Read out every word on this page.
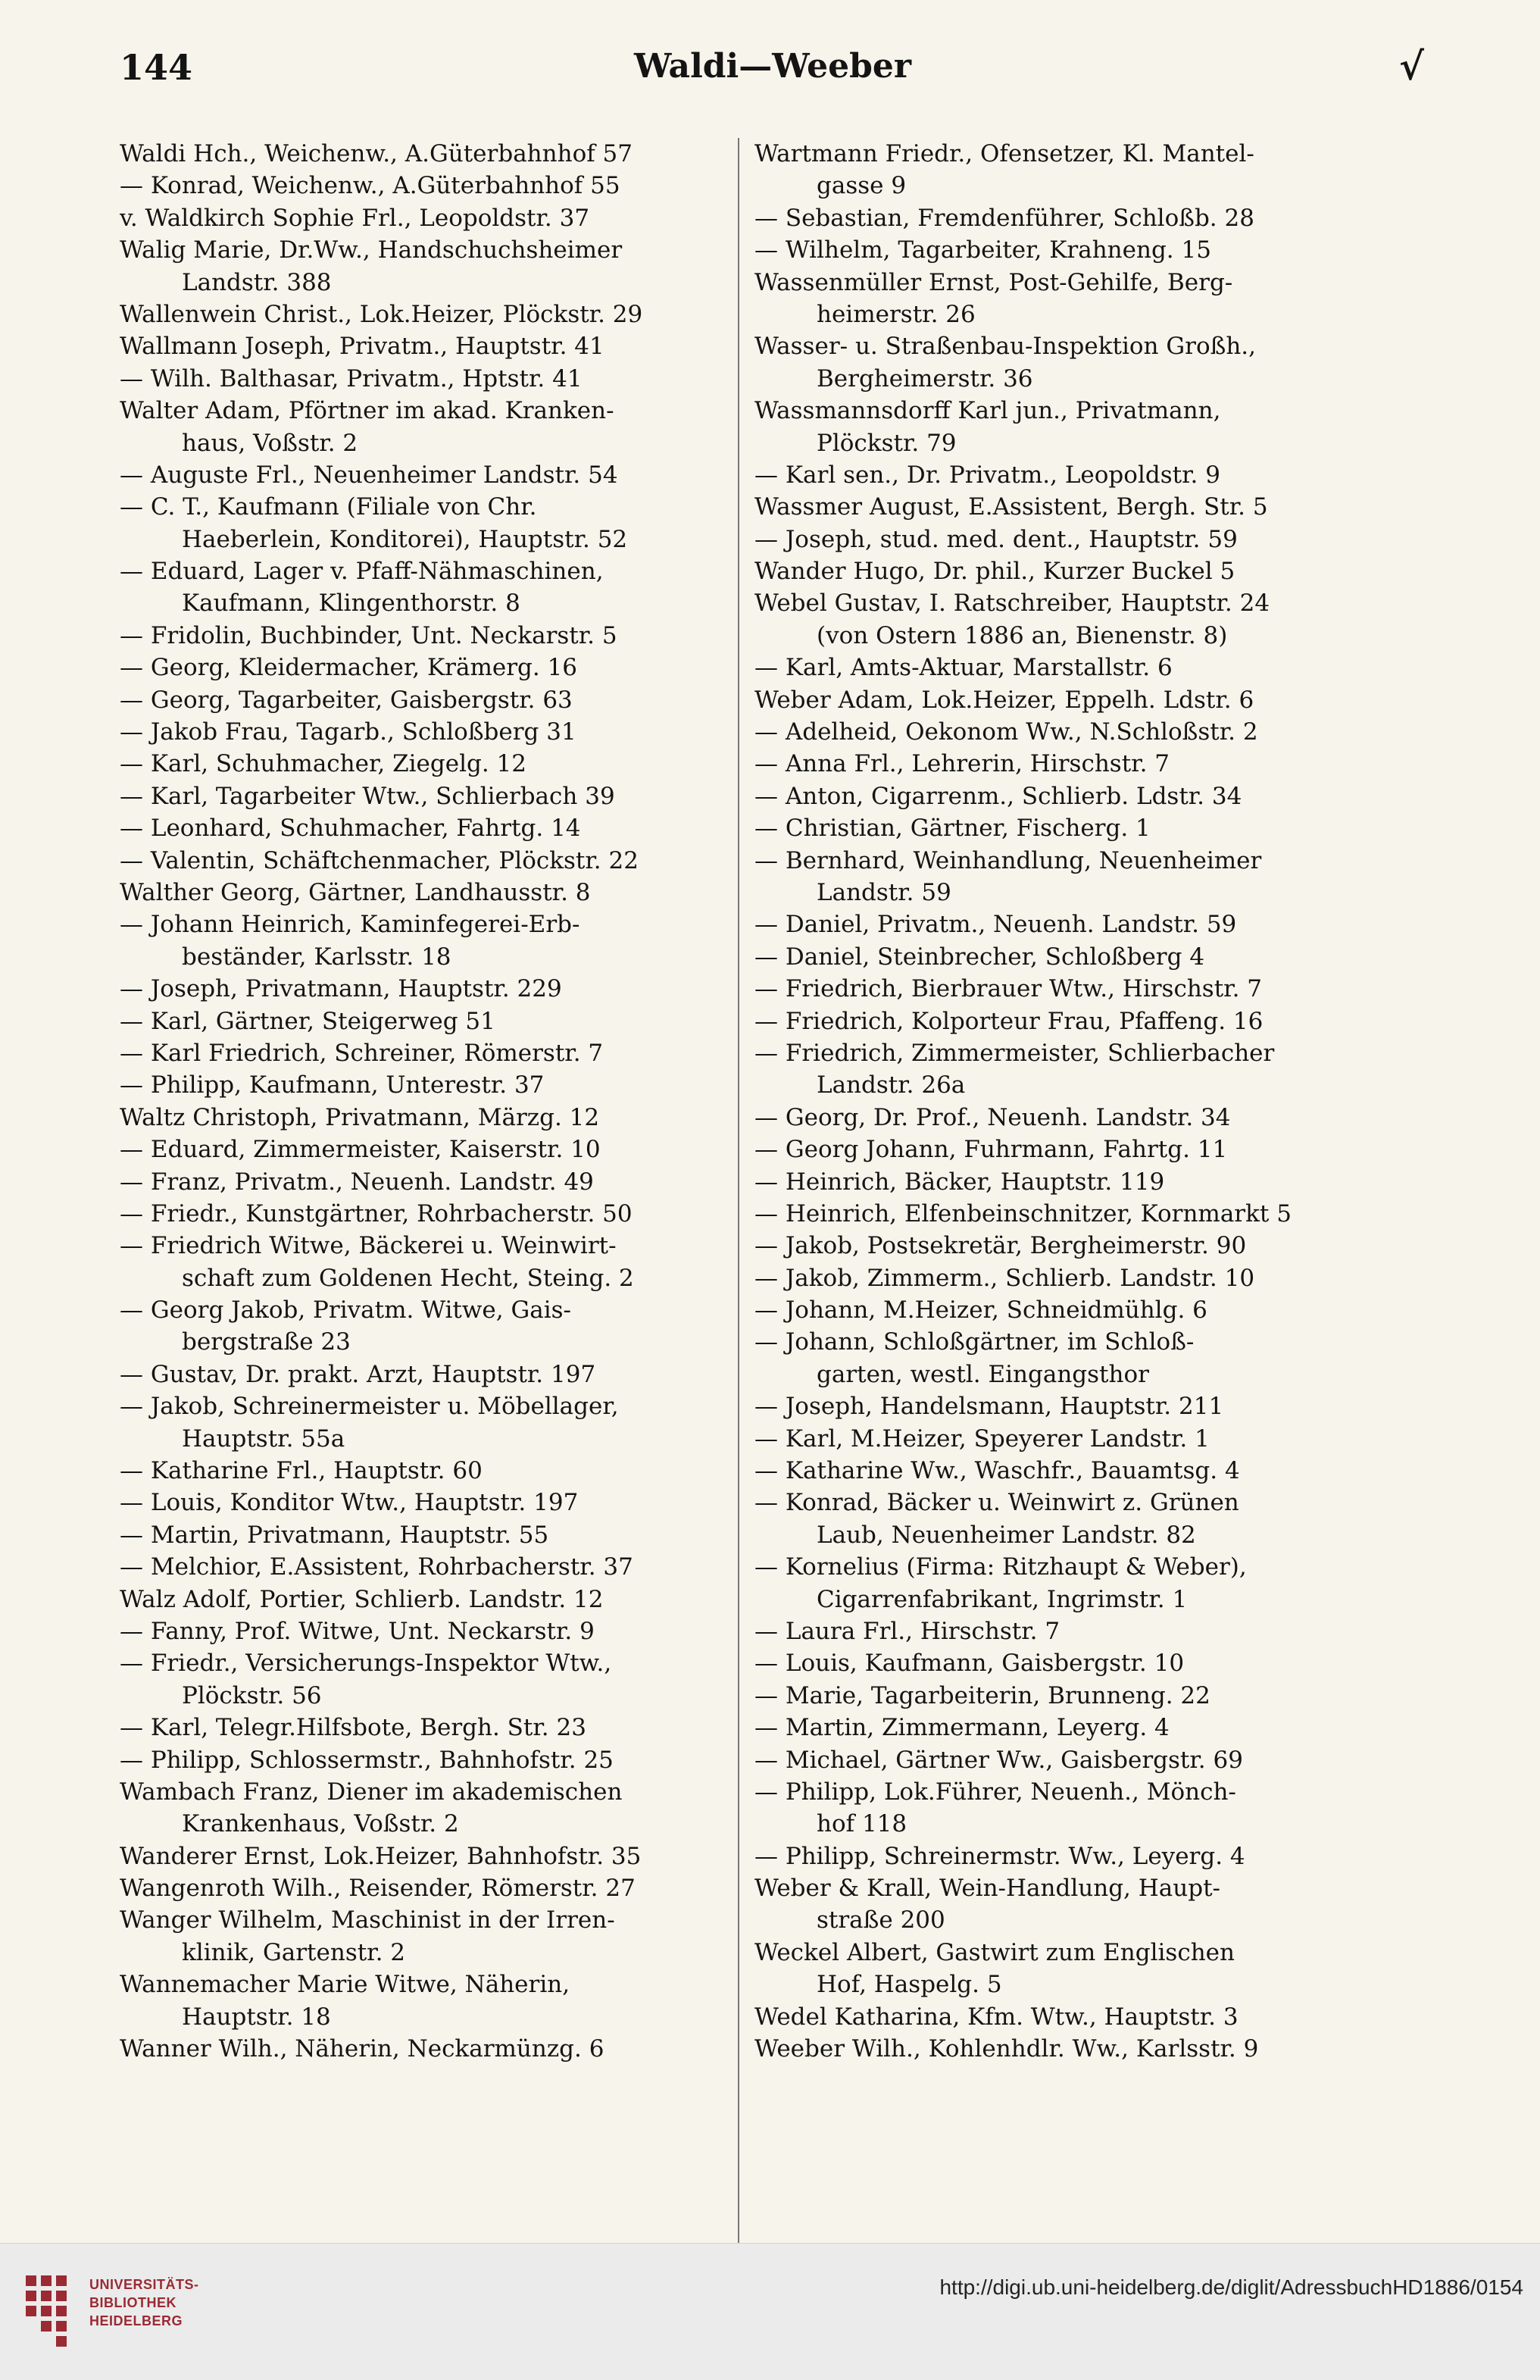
144	Waldi—Weeber	√
Waldi Hch., Weichenw., A.Güterbahnhof 57
— Konrad, Weichenw., A.Güterbahnhof 55
v. Waldkirch Sophie Frl., Leopoldstr. 37
Walig Marie, Dr.Ww., Handschuchsheimer
Landstr. 388
Wallenwein Christ., Lok.Heizer, Plöckstr. 29
Wallmann Joseph, Privatm., Hauptstr. 41
— Wilh. Balthasar, Privatm., Hptstr. 41
Walter Adam, Pförtner im akad. Kranken-
haus, Voßstr. 2
— Auguste Frl., Neuenheimer Landstr. 54
— C. T., Kaufmann (Filiale von Chr.
Haeberlein, Konditorei), Hauptstr. 52
— Eduard, Lager v. Pfaff-Nähmaschinen,
Kaufmann, Klingenthorstr. 8
— Fridolin, Buchbinder, Unt. Neckarstr. 5
— Georg, Kleidermacher, Krämerg. 16
— Georg, Tagarbeiter, Gaisbergstr. 63
— Jakob Frau, Tagarb., Schloßberg 31
— Karl, Schuhmacher, Ziegelg. 12
— Karl, Tagarbeiter Wtw., Schlierbach 39
— Leonhard, Schuhmacher, Fahrtg. 14
— Valentin, Schäftchenmacher, Plöckstr. 22
Walther Georg, Gärtner, Landhausstr. 8
— Johann Heinrich, Kaminfegerei-Erb-
beständer, Karlsstr. 18
— Joseph, Privatmann, Hauptstr. 229
— Karl, Gärtner, Steigerweg 51
— Karl Friedrich, Schreiner, Römerstr. 7
— Philipp, Kaufmann, Unterestr. 37
Waltz Christoph, Privatmann, Märzg. 12
— Eduard, Zimmermeister, Kaiserstr. 10
— Franz, Privatm., Neuenh. Landstr. 49
— Friedr., Kunstgärtner, Rohrbacherstr. 50
— Friedrich Witwe, Bäckerei u. Weinwirt-
schaft zum Goldenen Hecht, Steing. 2
— Georg Jakob, Privatm. Witwe, Gais-
bergstraße 23
— Gustav, Dr. prakt. Arzt, Hauptstr. 197
— Jakob, Schreinermeister u. Möbellager,
Hauptstr. 55a
— Katharine Frl., Hauptstr. 60
— Louis, Konditor Wtw., Hauptstr. 197
— Martin, Privatmann, Hauptstr. 55
— Melchior, E.Assistent, Rohrbacherstr. 37
Walz Adolf, Portier, Schlierb. Landstr. 12
— Fanny, Prof. Witwe, Unt. Neckarstr. 9
— Friedr., Versicherungs-Inspektor Wtw.,
Plöckstr. 56
— Karl, Telegr.Hilfsbote, Bergh. Str. 23
— Philipp, Schlossermstr., Bahnhofstr. 25
Wambach Franz, Diener im akademischen
Krankenhaus, Voßstr. 2
Wanderer Ernst, Lok.Heizer, Bahnhofstr. 35
Wangenroth Wilh., Reisender, Römerstr. 27
Wanger Wilhelm, Maschinist in der Irren-
klinik, Gartenstr. 2
Wannemacher Marie Witwe, Näherin,
Hauptstr. 18
Wanner Wilh., Näherin, Neckarmünzg. 6
Wartmann Friedr., Ofensetzer, Kl. Mantel-
gasse 9
— Sebastian, Fremdenführer, Schloßb. 28
— Wilhelm, Tagarbeiter, Krahneng. 15
Wassenmüller Ernst, Post-Gehilfe, Berg-
heimerstr. 26
Wasser- u. Straßenbau-Inspektion Großh.,
Bergheimerstr. 36
Wassmannsdorff Karl jun., Privatmann,
Plöckstr. 79
— Karl sen., Dr. Privatm., Leopoldstr. 9
Wassmer August, E.Assistent, Bergh. Str. 5
— Joseph, stud. med. dent., Hauptstr. 59
Wander Hugo, Dr. phil., Kurzer Buckel 5
Webel Gustav, I. Ratschreiber, Hauptstr. 24
(von Ostern 1886 an, Bienenstr. 8)
— Karl, Amts-Aktuar, Marstallstr. 6
Weber Adam, Lok.Heizer, Eppelh. Ldstr. 6
— Adelheid, Oekonom Ww., N.Schloßstr. 2
— Anna Frl., Lehrerin, Hirschstr. 7
— Anton, Cigarrenm., Schlierb. Ldstr. 34
— Christian, Gärtner, Fischerg. 1
— Bernhard, Weinhandlung, Neuenheimer
Landstr. 59
— Daniel, Privatm., Neuenh. Landstr. 59
— Daniel, Steinbrecher, Schloßberg 4
— Friedrich, Bierbrauer Wtw., Hirschstr. 7
— Friedrich, Kolporteur Frau, Pfaffeng. 16
— Friedrich, Zimmermeister, Schlierbacher
Landstr. 26a
— Georg, Dr. Prof., Neuenh. Landstr. 34
— Georg Johann, Fuhrmann, Fahrtg. 11
— Heinrich, Bäcker, Hauptstr. 119
— Heinrich, Elfenbeinschnitzer, Kornmarkt 5
— Jakob, Postsekretär, Bergheimerstr. 90
— Jakob, Zimmerm., Schlierb. Landstr. 10
— Johann, M.Heizer, Schneidmühlg. 6
— Johann, Schloßgärtner, im Schloß-
garten, westl. Eingangsthor
— Joseph, Handelsmann, Hauptstr. 211
— Karl, M.Heizer, Speyerer Landstr. 1
— Katharine Ww., Waschfr., Bauamtsg. 4
— Konrad, Bäcker u. Weinwirt z. Grünen
Laub, Neuenheimer Landstr. 82
— Kornelius (Firma: Ritzhaupt & Weber),
Cigarrenfabrikant, Ingrimstr. 1
— Laura Frl., Hirschstr. 7
— Louis, Kaufmann, Gaisbergstr. 10
— Marie, Tagarbeiterin, Brunneng. 22
— Martin, Zimmermann, Leyerg. 4
— Michael, Gärtner Ww., Gaisbergstr. 69
— Philipp, Lok.Führer, Neuenh., Mönch-
hof 118
— Philipp, Schreinermstr. Ww., Leyerg. 4
Weber & Krall, Wein-Handlung, Haupt-
straße 200
Weckel Albert, Gastwirt zum Englischen
Hof, Haspelg. 5
Wedel Katharina, Kfm. Wtw., Hauptstr. 3
Weeber Wilh., Kohlenhdlr. Ww., Karlsstr. 9
UNIVERSITÄTS-
BIBLIOTHEK
HEIDELBERG
http://digi.ub.uni-heidelberg.de/diglit/AdressbuchHD1886/0154
